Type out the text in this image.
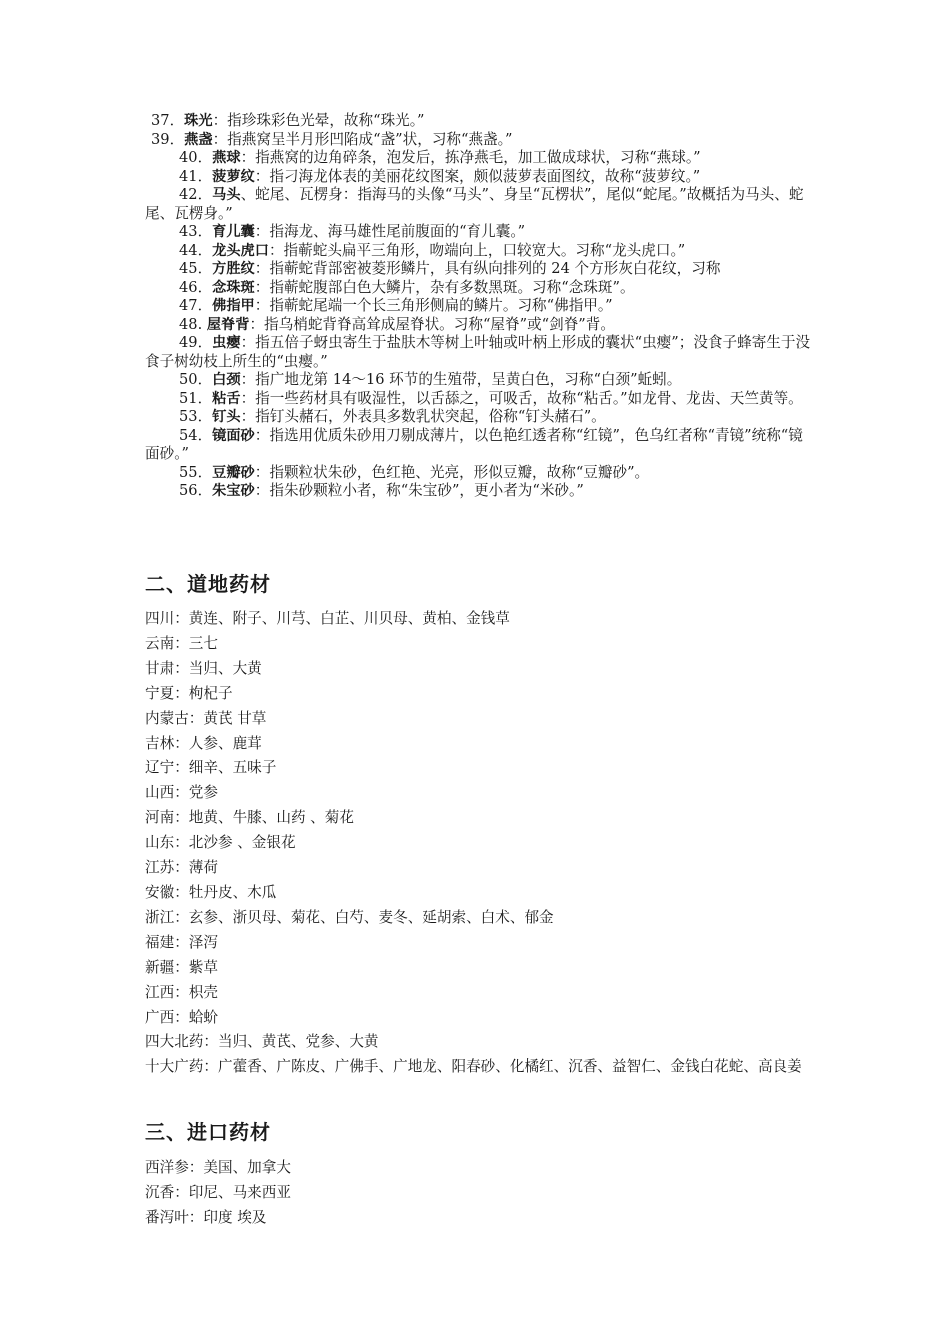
37．珠光：指珍珠彩色光晕，故称“珠光。”
39．燕盏：指燕窝呈半月形凹陷成“盏”状，习称“燕盏。”
40．燕球：指燕窝的边角碎条，泡发后，拣净燕毛，加工做成球状，习称“燕球。”
41．菠萝纹：指刁海龙体表的美丽花纹图案，颇似菠萝表面图纹，故称“菠萝纹。”
42．马头、蛇尾、瓦楞身：指海马的头像“马头”、身呈“瓦楞状”，尾似“蛇尾。”故概括为马头、蛇尾、瓦楞身。”
43．育儿囊：指海龙、海马雄性尾前腹面的“育儿囊。”
44．龙头虎口：指蕲蛇头扁平三角形，吻端向上，口较宽大。习称“龙头虎口。”
45．方胜纹：指蕲蛇背部密被菱形鳞片，具有纵向排列的 24 个方形灰白花纹，习称
46．念珠斑：指蕲蛇腹部白色大鳞片，杂有多数黑斑。习称“念珠斑”。
47．佛指甲：指蕲蛇尾端一个长三角形侧扁的鳞片。习称“佛指甲。”
48. 屋脊背：指乌梢蛇背脊高耸成屋脊状。习称“屋脊”或“剑脊”背。
49．虫瘿：指五倍子蚜虫寄生于盐肤木等树上叶轴或叶柄上形成的囊状“虫瘿”；没食子蜂寄生于没食子树幼枝上所生的“虫瘿。”
50．白颈：指广地龙第 14～16 环节的生殖带，呈黄白色，习称“白颈”蚯蚓。
51．粘舌：指一些药材具有吸湿性，以舌舔之，可吸舌，故称“粘舌。”如龙骨、龙齿、天竺黄等。
53．钉头：指钉头赭石，外表具多数乳状突起，俗称“钉头赭石”。
54．镜面砂：指选用优质朱砂用刀剔成薄片，以色艳红透者称“红镜”，色乌红者称“青镜”统称“镜面砂。”
55．豆瓣砂：指颗粒状朱砂，色红艳、光亮，形似豆瓣，故称“豆瓣砂”。
56．朱宝砂：指朱砂颗粒小者，称“朱宝砂”，更小者为“米砂。”
二、道地药材
四川：黄连、附子、川芎、白芷、川贝母、黄柏、金钱草
云南：三七
甘肃：当归、大黄
宁夏：枸杞子
内蒙古：黄芪 甘草
吉林：人参、鹿茸
辽宁：细辛、五味子
山西：党参
河南：地黄、牛膝、山药 、菊花
山东：北沙参 、金银花
江苏：薄荷
安徽：牡丹皮、木瓜
浙江：玄参、浙贝母、菊花、白芍、麦冬、延胡索、白术、郁金
福建：泽泻
新疆：紫草
江西：枳壳
广西：蛤蚧
四大北药：当归、黄芪、党参、大黄
十大广药：广藿香、广陈皮、广佛手、广地龙、阳春砂、化橘红、沉香、益智仁、金钱白花蛇、高良姜
三、进口药材
西洋参：美国、加拿大
沉香：印尼、马来西亚
番泻叶：印度 埃及
